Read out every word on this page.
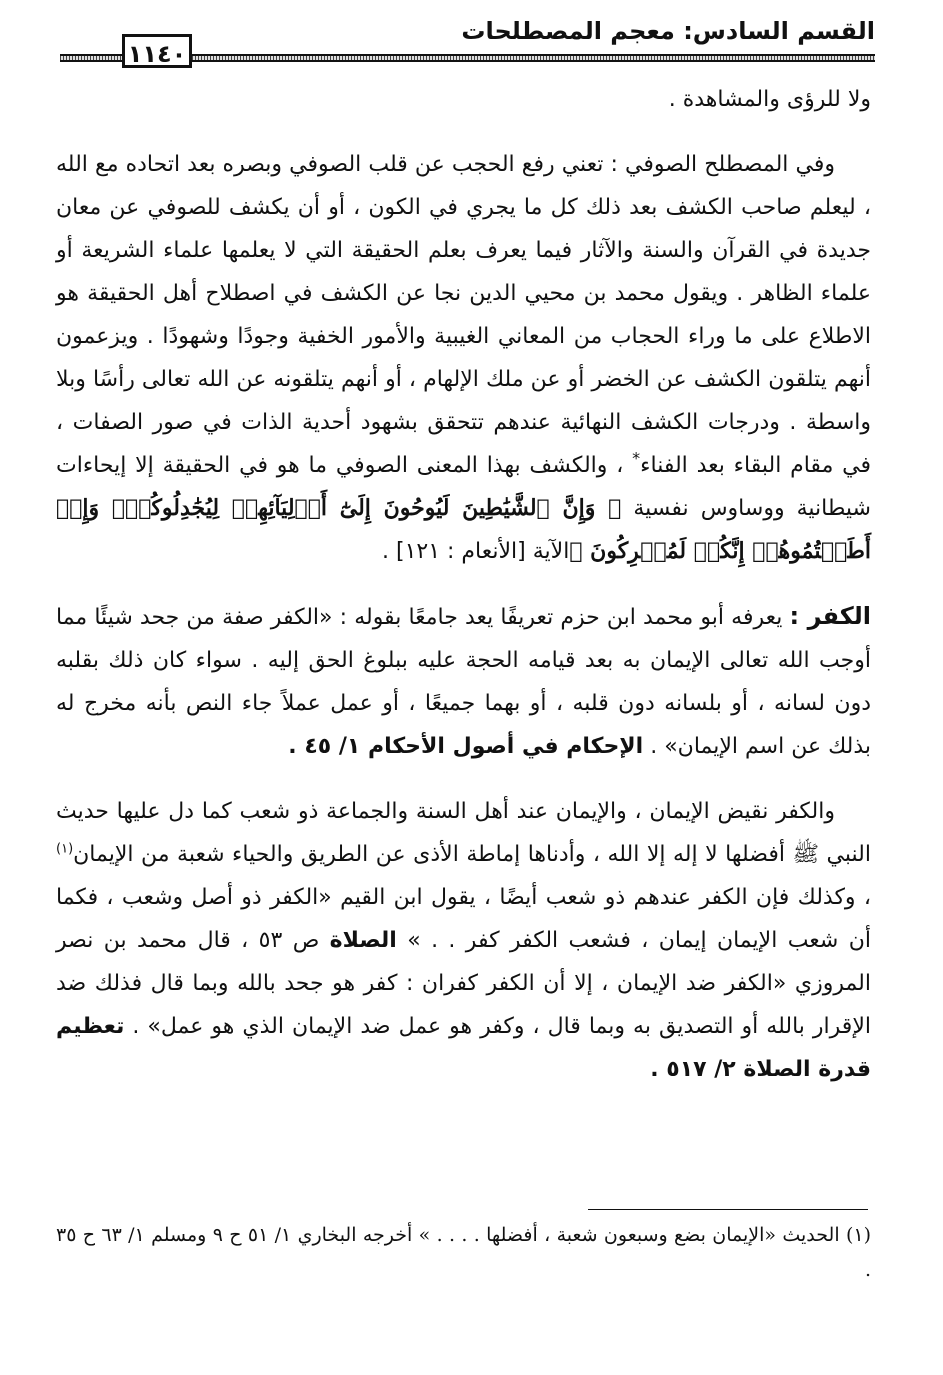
القسم السادس: معجم المصطلحات
١١٤٠

ولا للرؤى والمشاهدة .

وفي المصطلح الصوفي : تعني رفع الحجب عن قلب الصوفي وبصره بعد اتحاده مع الله ، ليعلم صاحب الكشف بعد ذلك كل ما يجري في الكون ، أو أن يكشف للصوفي عن معان جديدة في القرآن والسنة والآثار فيما يعرف بعلم الحقيقة التي لا يعلمها علماء الشريعة أو علماء الظاهر . ويقول محمد بن محيي الدين نجا عن الكشف في اصطلاح أهل الحقيقة هو الاطلاع على ما وراء الحجاب من المعاني الغيبية والأمور الخفية وجودًا وشهودًا . ويزعمون أنهم يتلقون الكشف عن الخضر أو عن ملك الإلهام ، أو أنهم يتلقونه عن الله تعالى رأسًا وبلا واسطة . ودرجات الكشف النهائية عندهم تتحقق بشهود أحدية الذات في صور الصفات ، في مقام البقاء بعد الفناء* ، والكشف بهذا المعنى الصوفي ما هو في الحقيقة إلا إيحاءات شيطانية ووساوس نفسية ﴿ وَإِنَّ ٱلشَّيَٰطِينَ لَيُوحُونَ إِلَىٰٓ أَوۡلِيَآئِهِمۡ لِيُجَٰدِلُوكُمۡۖ وَإِنۡ أَطَعۡتُمُوهُمۡ إِنَّكُمۡ لَمُشۡرِكُونَ ﴾الآية [الأنعام : ١٢١] .

الكفر : يعرفه أبو محمد ابن حزم تعريفًا يعد جامعًا بقوله : «الكفر صفة من جحد شيئًا مما أوجب الله تعالى الإيمان به بعد قيامه الحجة عليه ببلوغ الحق إليه . سواء كان ذلك بقلبه دون لسانه ، أو بلسانه دون قلبه ، أو بهما جميعًا ، أو عمل عملاً جاء النص بأنه مخرج له بذلك عن اسم الإيمان» . الإحكام في أصول الأحكام ١/ ٤٥ .

والكفر نقيض الإيمان ، والإيمان عند أهل السنة والجماعة ذو شعب كما دل عليها حديث النبي ﷺ أفضلها لا إله إلا الله ، وأدناها إماطة الأذى عن الطريق والحياء شعبة من الإيمان$^{(١)}$ ، وكذلك فإن الكفر عندهم ذو شعب أيضًا ، يقول ابن القيم «الكفر ذو أصل وشعب ، فكما أن شعب الإيمان إيمان ، فشعب الكفر كفر . . » الصلاة ص ٥٣ ، قال محمد بن نصر المروزي «الكفر ضد الإيمان ، إلا أن الكفر كفران : كفر هو جحد بالله وبما قال فذلك ضد الإقرار بالله أو التصديق به وبما قال ، وكفر هو عمل ضد الإيمان الذي هو عمل» . تعظيم قدرة الصلاة ٢/ ٥١٧ .

(١) الحديث «الإيمان بضع وسبعون شعبة ، أفضلها . . . . » أخرجه البخاري ١/ ٥١ ح ٩ ومسلم ١/ ٦٣ ح ٣٥ .
